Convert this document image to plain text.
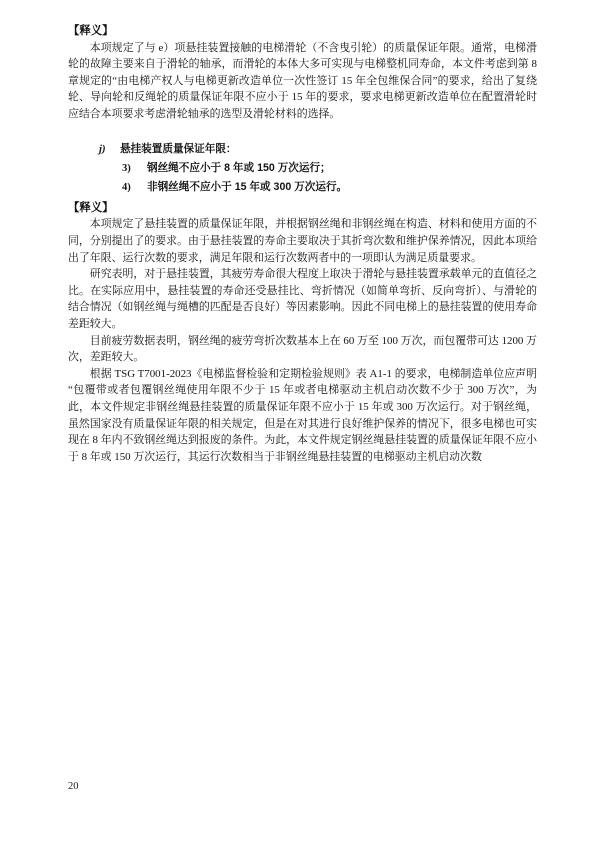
【释义】

本项规定了与 e）项悬挂装置接触的电梯滑轮（不含曳引轮）的质量保证年限。通常，电梯滑轮的故障主要来自于滑轮的轴承，而滑轮的本体大多可实现与电梯整机同寿命，本文件考虑到第 8 章规定的“由电梯产权人与电梯更新改造单位一次性签订 15 年全包维保合同”的要求，给出了复绕轮、导向轮和反绳轮的质量保证年限不应小于 15 年的要求，要求电梯更新改造单位在配置滑轮时应结合本项要求考虑滑轮轴承的选型及滑轮材料的选择。

j)	悬挂装置质量保证年限：
3)	钢丝绳不应小于 8 年或 150 万次运行；
4)	非钢丝绳不应小于 15 年或 300 万次运行。
【释义】

本项规定了悬挂装置的质量保证年限，并根据钢丝绳和非钢丝绳在构造、材料和使用方面的不同，分别提出了的要求。由于悬挂装置的寿命主要取决于其折弯次数和维护保养情况，因此本项给出了年限、运行次数的要求，满足年限和运行次数两者中的一项即认为满足质量要求。

研究表明，对于悬挂装置，其疲劳寿命很大程度上取决于滑轮与悬挂装置承载单元的直值径之比。在实际应用中，悬挂装置的寿命还受悬挂比、弯折情况（如简单弯折、反向弯折）、与滑轮的结合情况（如钢丝绳与绳槽的匹配是否良好）等因素影响。因此不同电梯上的悬挂装置的使用寿命差距较大。

目前疲劳数据表明，钢丝绳的疲劳弯折次数基本上在 60 万至 100 万次，而包覆带可达 1200 万次，差距较大。

根据 TSG T7001-2023《电梯监督检验和定期检验规则》表 A1-1 的要求，电梯制造单位应声明“包覆带或者包覆钢丝绳使用年限不少于 15 年或者电梯驱动主机启动次数不少于 300 万次”，为此，本文件规定非钢丝绳悬挂装置的质量保证年限不应小于 15 年或 300 万次运行。对于钢丝绳，虽然国家没有质量保证年限的相关规定，但是在对其进行良好维护保养的情况下，很多电梯也可实现在 8 年内不致钢丝绳达到报废的条件。为此，本文件规定钢丝绳悬挂装置的质量保证年限不应小于 8 年或 150 万次运行，其运行次数相当于非钢丝绳悬挂装置的电梯驱动主机启动次数

20
